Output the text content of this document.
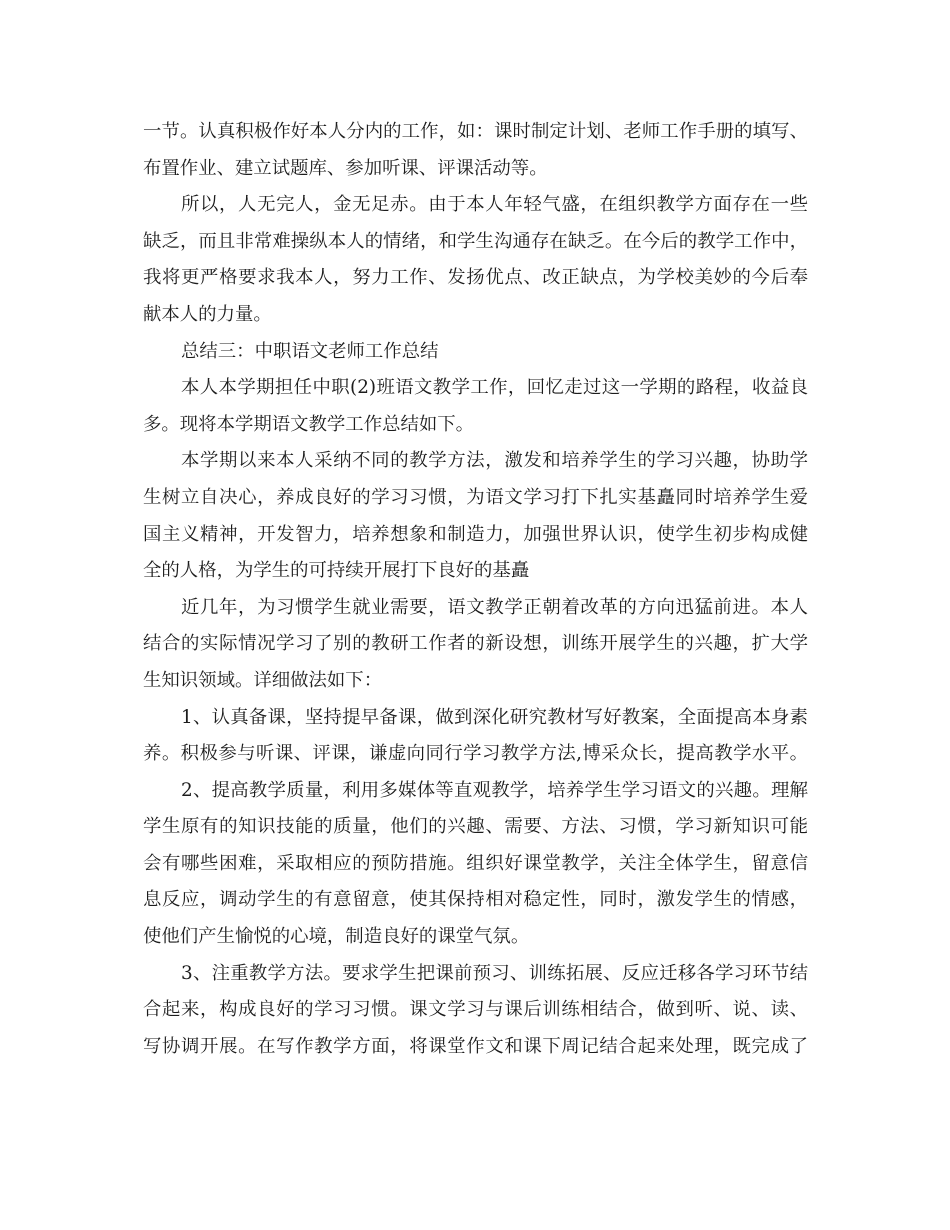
一节。认真积极作好本人分内的工作，如：课时制定计划、老师工作手册的填写、
布置作业、建立试题库、参加听课、评课活动等。
所以，人无完人，金无足赤。由于本人年轻气盛，在组织教学方面存在一些
缺乏，而且非常难操纵本人的情绪，和学生沟通存在缺乏。在今后的教学工作中，
我将更严格要求我本人，努力工作、发扬优点、改正缺点，为学校美妙的今后奉
献本人的力量。
总结三：中职语文老师工作总结
本人本学期担任中职(2)班语文教学工作，回忆走过这一学期的路程，收益良
多。现将本学期语文教学工作总结如下。
本学期以来本人采纳不同的教学方法，激发和培养学生的学习兴趣，协助学
生树立自决心，养成良好的学习习惯，为语文学习打下扎实基矗同时培养学生爱
国主义精神，开发智力，培养想象和制造力，加强世界认识，使学生初步构成健
全的人格，为学生的可持续开展打下良好的基矗
近几年，为习惯学生就业需要，语文教学正朝着改革的方向迅猛前进。本人
结合的实际情况学习了别的教研工作者的新设想，训练开展学生的兴趣，扩大学
生知识领域。详细做法如下：
1、认真备课，坚持提早备课，做到深化研究教材写好教案，全面提高本身素
养。积极参与听课、评课，谦虚向同行学习教学方法,博采众长，提高教学水平。
2、提高教学质量，利用多媒体等直观教学，培养学生学习语文的兴趣。理解
学生原有的知识技能的质量，他们的兴趣、需要、方法、习惯，学习新知识可能
会有哪些困难，采取相应的预防措施。组织好课堂教学，关注全体学生，留意信
息反应，调动学生的有意留意，使其保持相对稳定性，同时，激发学生的情感，
使他们产生愉悦的心境，制造良好的课堂气氛。
3、注重教学方法。要求学生把课前预习、训练拓展、反应迁移各学习环节结
合起来，构成良好的学习习惯。课文学习与课后训练相结合，做到听、说、读、
写协调开展。在写作教学方面，将课堂作文和课下周记结合起来处理，既完成了
